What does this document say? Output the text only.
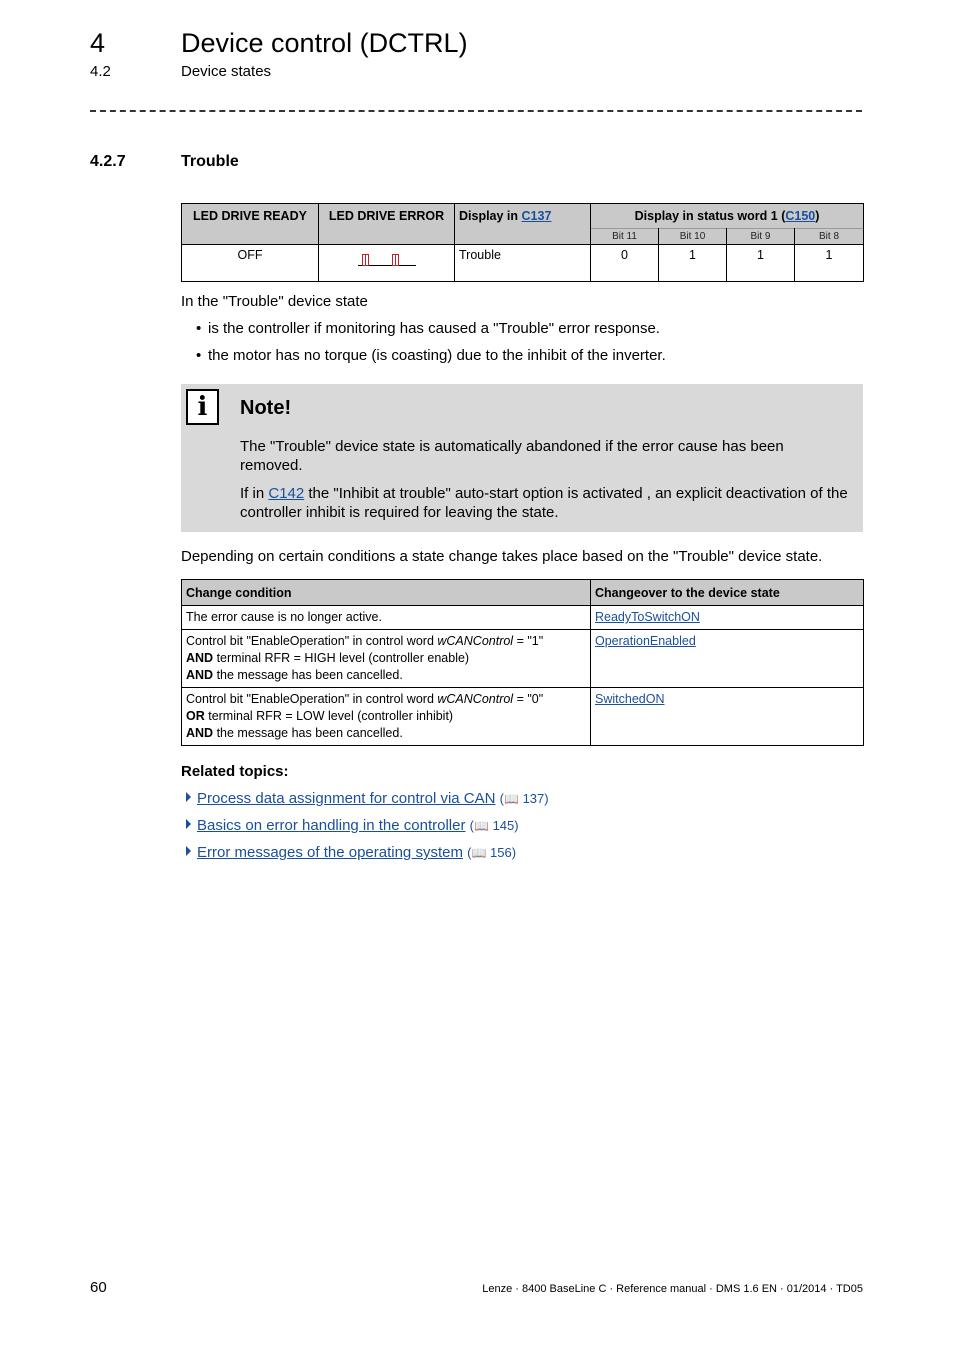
4	Device control (DCTRL)
4.2	Device states
4.2.7	Trouble
LED DRIVE READY	LED DRIVE ERROR	Display in C137	Display in status word 1 (C150)			
			Bit 11	Bit 10	Bit 9	Bit 8
OFF		Trouble	0	1	1	1
In the "Trouble" device state
• is the controller if monitoring has caused a "Trouble" error response.
• the motor has no torque (is coasting) due to the inhibit of the inverter.
i	Note!
The "Trouble" device state is automatically abandoned if the error cause has been removed.
If in C142 the "Inhibit at trouble" auto-start option is activated , an explicit deactivation of the controller inhibit is required for leaving the state.
Depending on certain conditions a state change takes place based on the "Trouble" device state.
Change condition	Changeover to the device state
The error cause is no longer active.	ReadyToSwitchON
Control bit "EnableOperation" in control word wCANControl = "1"
AND terminal RFR = HIGH level (controller enable)
AND the message has been cancelled.	OperationEnabled
Control bit "EnableOperation" in control word wCANControl = "0"
OR terminal RFR = LOW level (controller inhibit)
AND the message has been cancelled.	SwitchedON
Related topics:
Process data assignment for control via CAN (📖 137)
Basics on error handling in the controller (📖 145)
Error messages of the operating system (📖 156)
60	Lenze · 8400 BaseLine C · Reference manual · DMS 1.6 EN · 01/2014 · TD05
